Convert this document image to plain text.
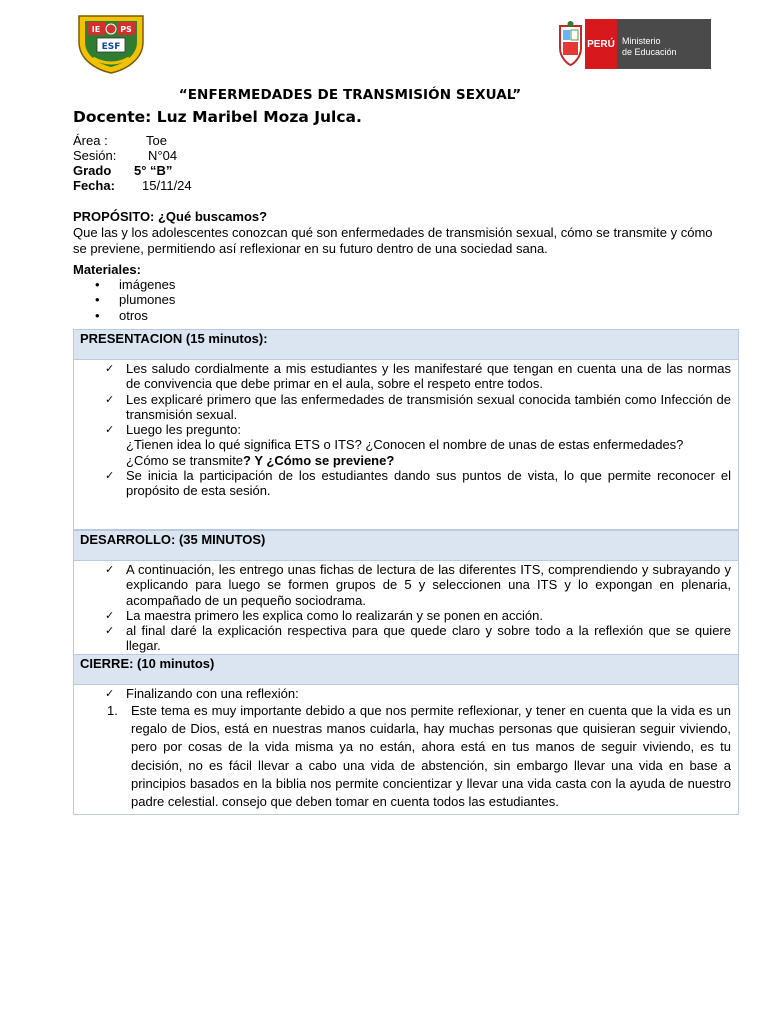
IE PS
ESF	PERÚ Ministerio
de Educación
“ENFERMEDADES DE TRANSMISIÓN SEXUAL”
Docente: Luz Maribel Moza Julca.
Área :	Toe
Sesión: N°04
Grado 5° “B”
Fecha: 15/11/24
PROPÓSITO: ¿Qué buscamos?
Que las y los adolescentes conozcan qué son enfermedades de transmisión sexual, cómo se transmite y cómo se previene, permitiendo así reflexionar en su futuro dentro de una sociedad sana.
Materiales:
• imágenes
• plumones
• otros
PRESENTACION (15 minutos):
✓ Les saludo cordialmente a mis estudiantes y les manifestaré que tengan en cuenta una de las normas de convivencia que debe primar en el aula, sobre el respeto entre todos.
✓ Les explicaré primero que las enfermedades de transmisión sexual conocida también como Infección de transmisión sexual.
✓ Luego les pregunto:
¿Tienen idea lo qué significa ETS o ITS? ¿Conocen el nombre de unas de estas enfermedades?
¿Cómo se transmite? Y ¿Cómo se previene?
✓ Se inicia la participación de los estudiantes dando sus puntos de vista, lo que permite reconocer el propósito de esta sesión.
DESARROLLO: (35 MINUTOS)
✓ A continuación, les entrego unas fichas de lectura de las diferentes ITS, comprendiendo y subrayando y explicando para luego se formen grupos de 5 y seleccionen una ITS y lo expongan en plenaria, acompañado de un pequeño sociodrama.
✓ La maestra primero les explica como lo realizarán y se ponen en acción.
✓ al final daré la explicación respectiva para que quede claro y sobre todo a la reflexión que se quiere llegar.
CIERRE: (10 minutos)
✓ Finalizando con una reflexión:
1. Este tema es muy importante debido a que nos permite reflexionar, y tener en cuenta que la vida es un regalo de Dios, está en nuestras manos cuidarla, hay muchas personas que quisieran seguir viviendo, pero por cosas de la vida misma ya no están, ahora está en tus manos de seguir viviendo, es tu decisión, no es fácil llevar a cabo una vida de abstención, sin embargo llevar una vida en base a principios basados en la biblia nos permite concientizar y llevar una vida casta con la ayuda de nuestro padre celestial. consejo que deben tomar en cuenta todos las estudiantes.
